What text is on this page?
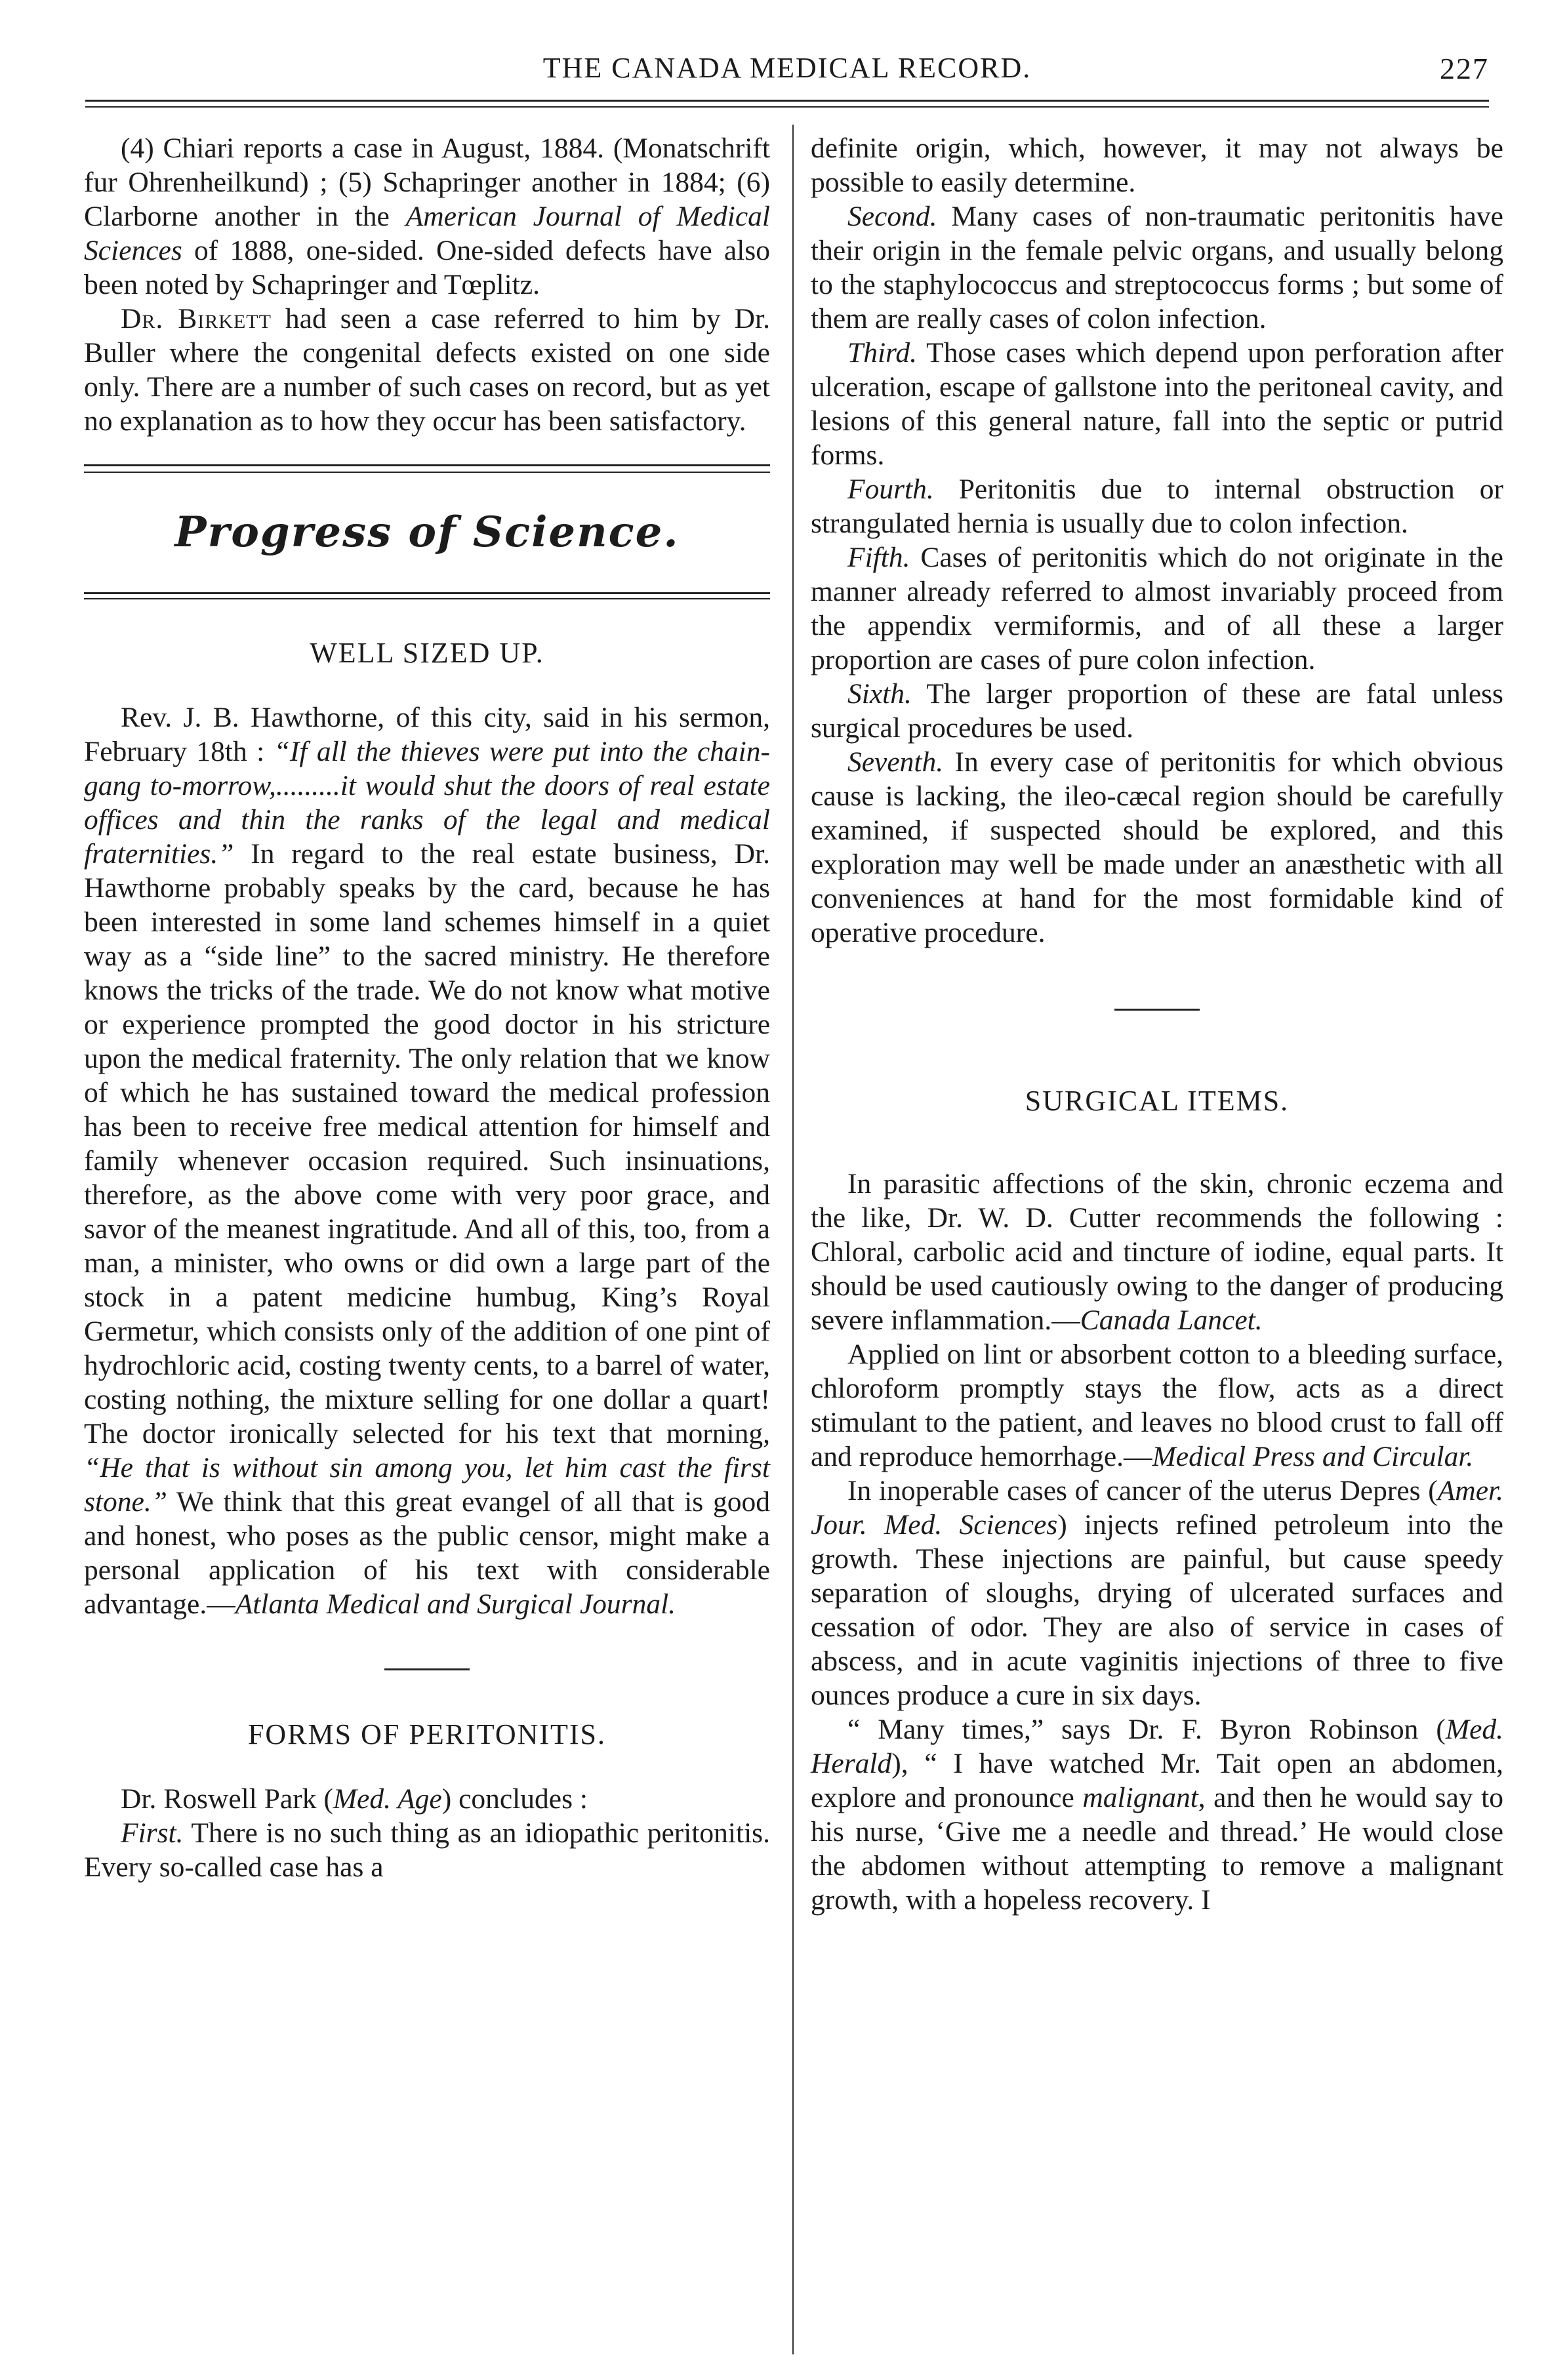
THE CANADA MEDICAL RECORD.	227

(4) Chiari reports a case in August, 1884. (Monatschrift fur Ohrenheilkund) ; (5) Schapringer another in 1884; (6) Clarborne another in the American Journal of Medical Sciences of 1888, one-sided. One-sided defects have also been noted by Schapringer and Tœplitz.

Dr. Birkett had seen a case referred to him by Dr. Buller where the congenital defects existed on one side only. There are a number of such cases on record, but as yet no explanation as to how they occur has been satisfactory.

Progress of Science.
WELL SIZED UP.

Rev. J. B. Hawthorne, of this city, said in his sermon, February 18th : “If all the thieves were put into the chain-gang to-morrow,.........it would shut the doors of real estate offices and thin the ranks of the legal and medical fraternities.” In regard to the real estate business, Dr. Hawthorne probably speaks by the card, because he has been interested in some land schemes himself in a quiet way as a “side line” to the sacred ministry. He therefore knows the tricks of the trade. We do not know what motive or experience prompted the good doctor in his stricture upon the medical fraternity. The only relation that we know of which he has sustained toward the medical profession has been to receive free medical attention for himself and family whenever occasion required. Such insinuations, therefore, as the above come with very poor grace, and savor of the meanest ingratitude. And all of this, too, from a man, a minister, who owns or did own a large part of the stock in a patent medicine humbug, King’s Royal Germetur, which consists only of the addition of one pint of hydrochloric acid, costing twenty cents, to a barrel of water, costing nothing, the mixture selling for one dollar a quart! The doctor ironically selected for his text that morning, “He that is without sin among you, let him cast the first stone.” We think that this great evangel of all that is good and honest, who poses as the public censor, might make a personal application of his text with considerable advantage.—Atlanta Medical and Surgical Journal.

FORMS OF PERITONITIS.

Dr. Roswell Park (Med. Age) concludes :

First. There is no such thing as an idiopathic peritonitis. Every so-called case has a

definite origin, which, however, it may not always be possible to easily determine.

Second. Many cases of non-traumatic peritonitis have their origin in the female pelvic organs, and usually belong to the staphylococcus and streptococcus forms ; but some of them are really cases of colon infection.

Third. Those cases which depend upon perforation after ulceration, escape of gallstone into the peritoneal cavity, and lesions of this general nature, fall into the septic or putrid forms.

Fourth. Peritonitis due to internal obstruction or strangulated hernia is usually due to colon infection.

Fifth. Cases of peritonitis which do not originate in the manner already referred to almost invariably proceed from the appendix vermiformis, and of all these a larger proportion are cases of pure colon infection.

Sixth. The larger proportion of these are fatal unless surgical procedures be used.

Seventh. In every case of peritonitis for which obvious cause is lacking, the ileo-cæcal region should be carefully examined, if suspected should be explored, and this exploration may well be made under an anæsthetic with all conveniences at hand for the most formidable kind of operative procedure.

SURGICAL ITEMS.

In parasitic affections of the skin, chronic eczema and the like, Dr. W. D. Cutter recommends the following : Chloral, carbolic acid and tincture of iodine, equal parts. It should be used cautiously owing to the danger of producing severe inflammation.—Canada Lancet.

Applied on lint or absorbent cotton to a bleeding surface, chloroform promptly stays the flow, acts as a direct stimulant to the patient, and leaves no blood crust to fall off and reproduce hemorrhage.—Medical Press and Circular.

In inoperable cases of cancer of the uterus Depres (Amer. Jour. Med. Sciences) injects refined petroleum into the growth. These injections are painful, but cause speedy separation of sloughs, drying of ulcerated surfaces and cessation of odor. They are also of service in cases of abscess, and in acute vaginitis injections of three to five ounces produce a cure in six days.

“ Many times,” says Dr. F. Byron Robinson (Med. Herald), “ I have watched Mr. Tait open an abdomen, explore and pronounce malignant, and then he would say to his nurse, ‘Give me a needle and thread.’ He would close the abdomen without attempting to remove a malignant growth, with a hopeless recovery. I
